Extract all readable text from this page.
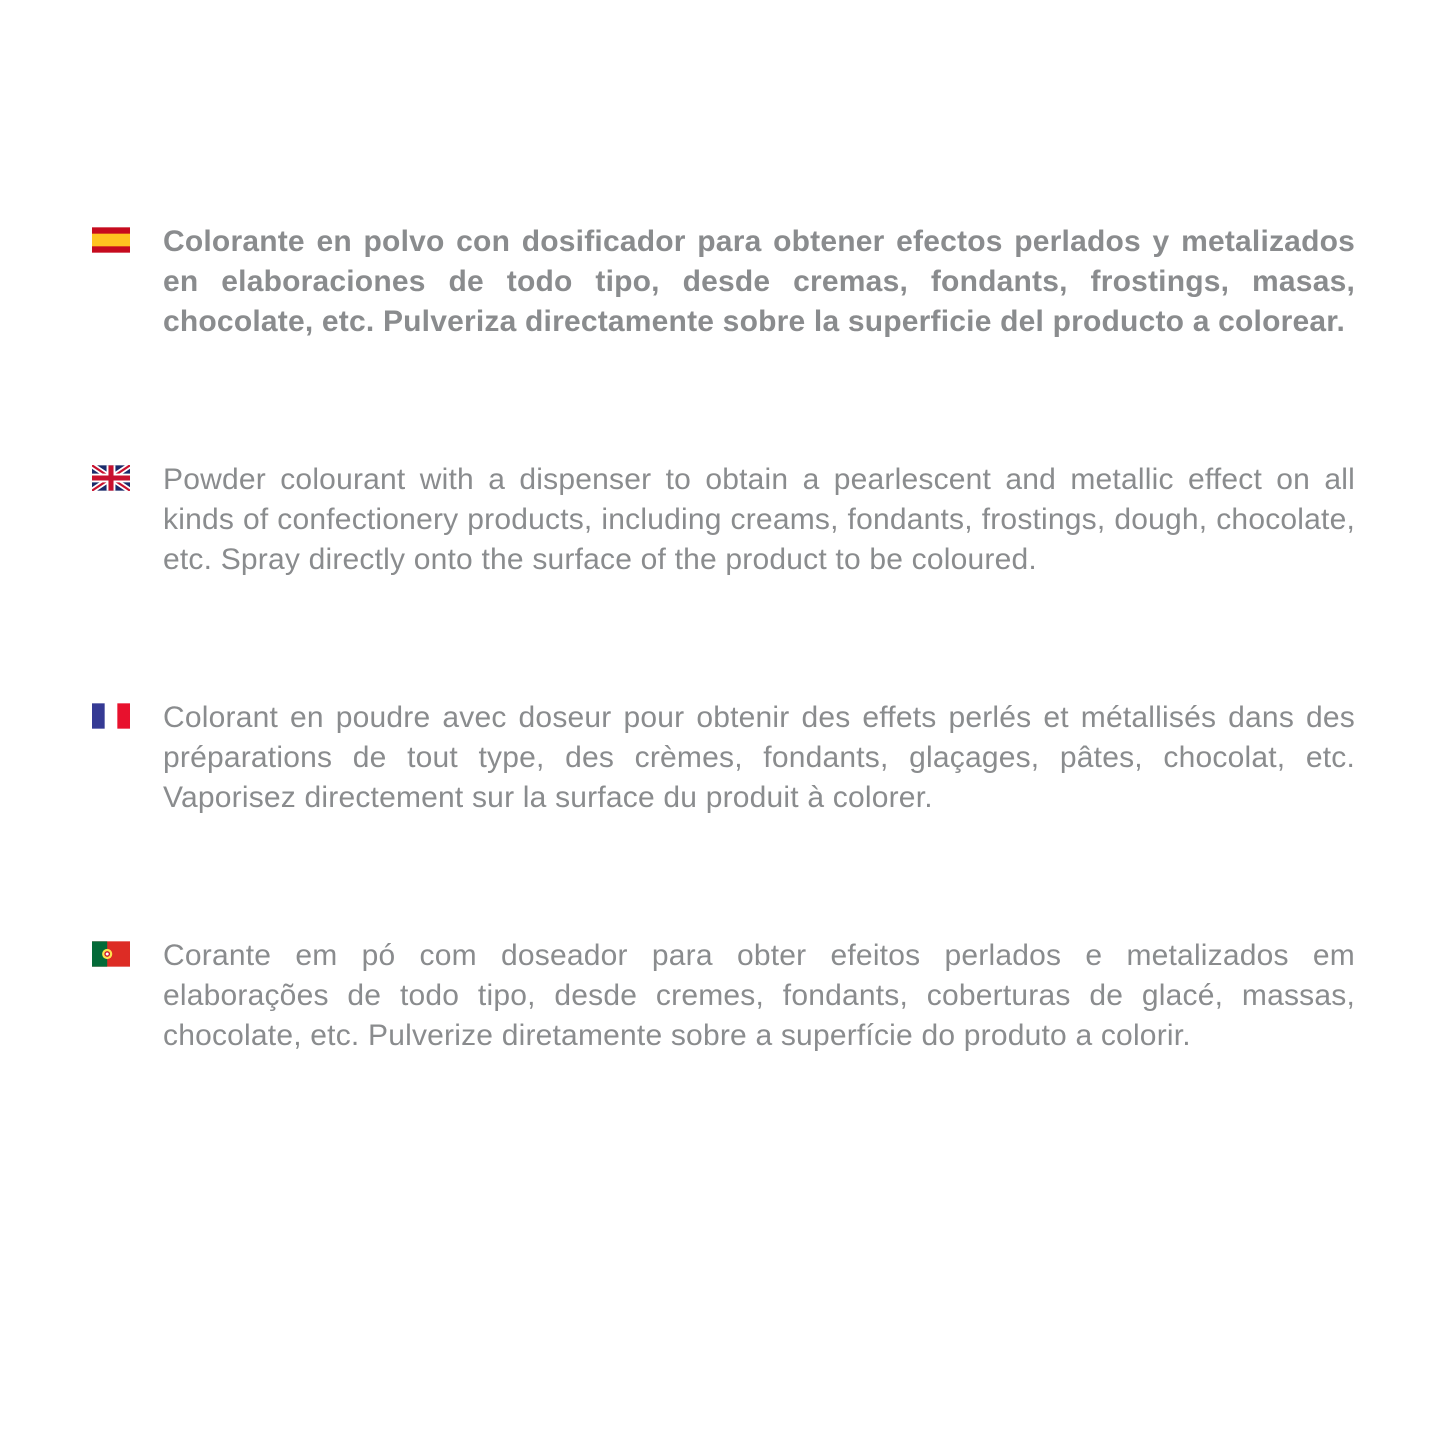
Colorante en polvo con dosificador para obtener efectos perlados y metalizados en elaboraciones de todo tipo, desde cremas, fondants, frostings, masas, chocolate, etc. Pulveriza directamente sobre la superficie del producto a colorear.

Powder colourant with a dispenser to obtain a pearlescent and metallic effect on all kinds of confectionery products, including creams, fondants, frostings, dough, chocolate, etc. Spray directly onto the surface of the product to be coloured.

Colorant en poudre avec doseur pour obtenir des effets perlés et métallisés dans des préparations de tout type, des crèmes, fondants, glaçages, pâtes, chocolat, etc. Vaporisez directement sur la surface du produit à colorer.

Corante em pó com doseador para obter efeitos perlados e metalizados em elaborações de todo tipo, desde cremes, fondants, coberturas de glacé, massas, chocolate, etc. Pulverize diretamente sobre a superfície do produto a colorir.
